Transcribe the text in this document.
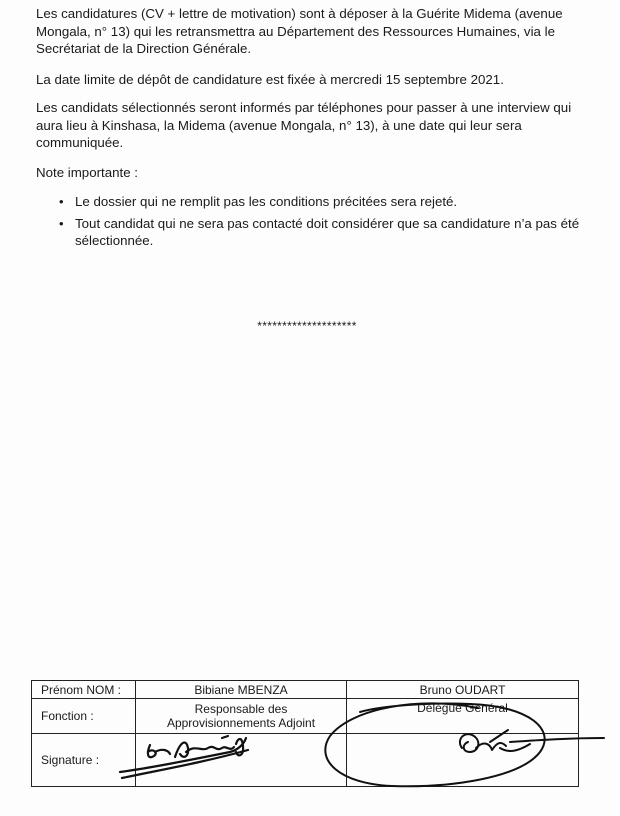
Les candidatures (CV + lettre de motivation) sont à déposer à la Guérite Midema (avenue Mongala, n° 13) qui les retransmettra au Département des Ressources Humaines, via le Secrétariat de la Direction Générale.

La date limite de dépôt de candidature est fixée à mercredi 15 septembre 2021.

Les candidats sélectionnés seront informés par téléphones pour passer à une interview qui aura lieu à Kinshasa, la Midema (avenue Mongala, n° 13), à une date qui leur sera communiquée.

Note importante :

• Le dossier qui ne remplit pas les conditions précitées sera rejeté.
• Tout candidat qui ne sera pas contacté doit considérer que sa candidature n’a pas été sélectionnée.
********************
Prénom NOM :	Bibiane MBENZA	Bruno OUDART
Fonction :	Responsable des Approvisionnements Adjoint	Délégué Général
Signature :		
